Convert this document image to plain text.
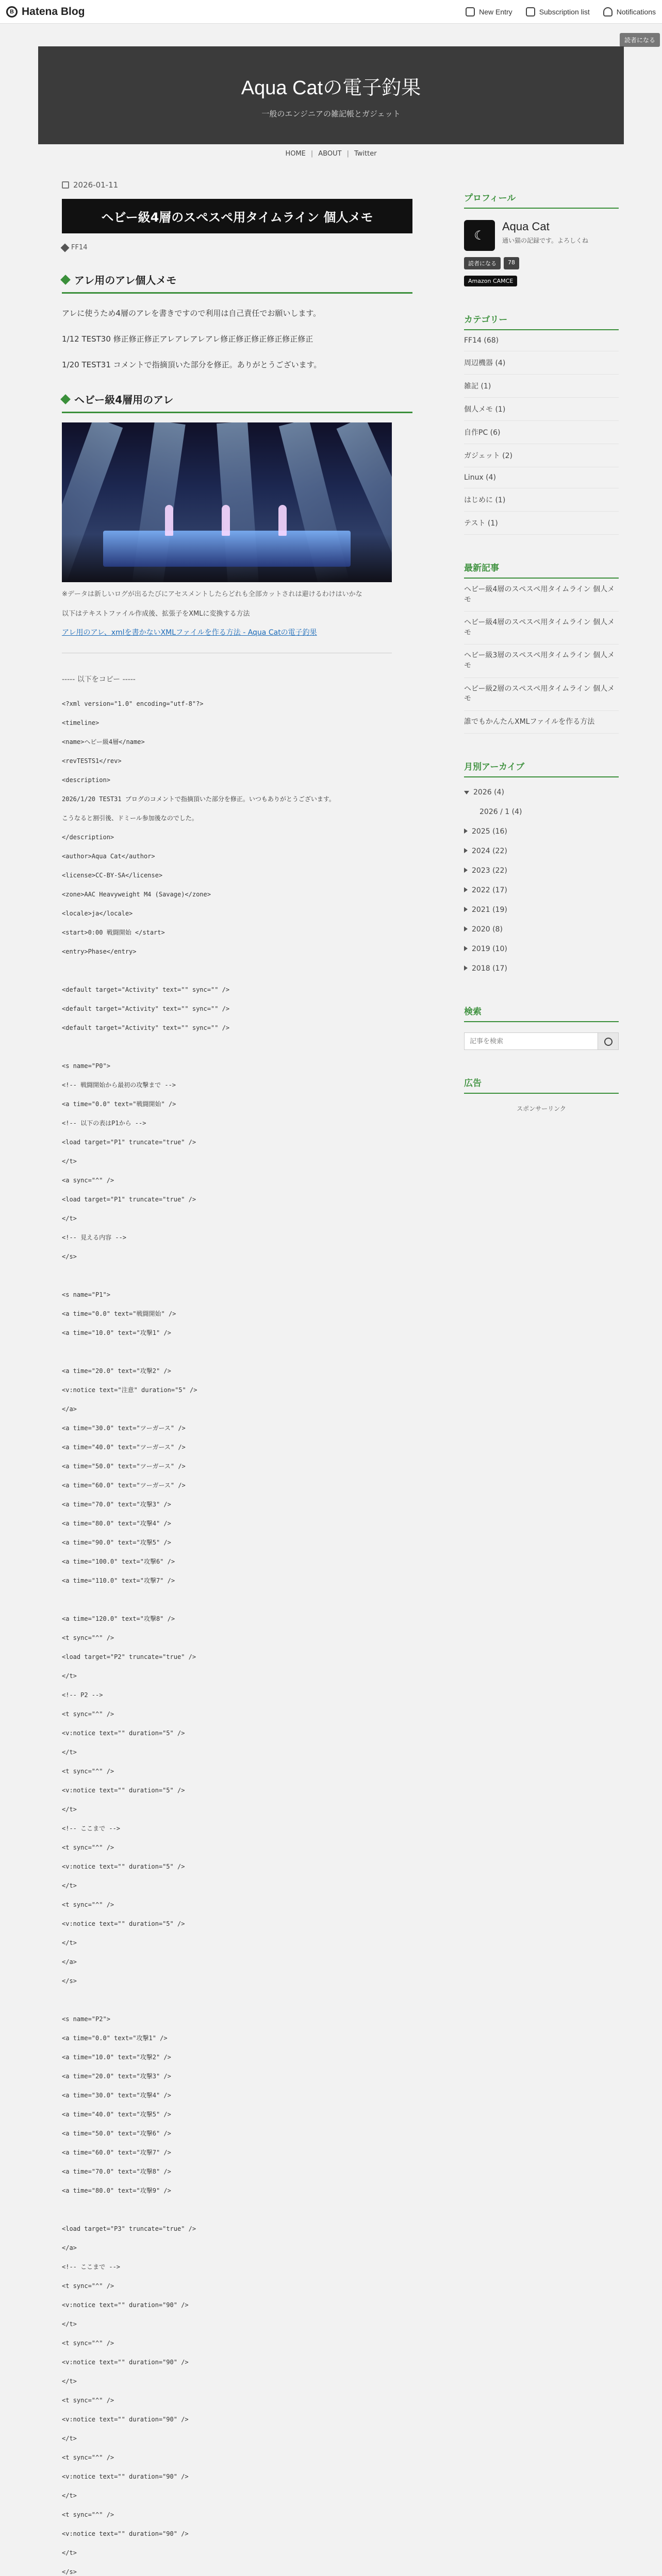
B Hatena Blog	New Entry	Subscription list	Notifications
読者になる
Aqua Catの電子釣果
一般のエンジニアの雑記帳とガジェット
HOME | ABOUT | Twitter
2026-01-11
ヘビー級4層のスペスペ用タイムライン 個人メモ
FF14
アレ用のアレ個人メモ

アレに使うため4層のアレを書きですので利用は自己責任でお願いします。

1/12 TEST30 修正修正修正アレアレアレアレ修正修正修正修正修正修正

1/20 TEST31 コメントで指摘頂いた部分を修正。ありがとうございます。

ヘビー級4層用のアレ

※データは新しいログが出るたびにアセスメントしたらどれも全部カットされは避けるわけはいかな

以下はテキストファイル作成後、拡張子をXMLに変換する方法

アレ用のアレ、xmlを書かないXMLファイルを作る方法 - Aqua Catの電子釣果

----- 以下をコピー -----

<?xml version="1.0" encoding="utf-8"?>
<timeline>
<name>ヘビー級4層</name>
<revTESTS1</rev>
<description>
2026/1/20 TEST31 ブログのコメントで指摘頂いた部分を修正。いつもありがとうございます。
こうなると割引後、ドミール参加後なのでした。
</description>
<author>Aqua Cat</author>
<license>CC-BY-SA</license>
<zone>AAC Heavyweight M4 (Savage)</zone>
<locale>ja</locale>
<start>0:00 戦闘開始 </start>
<entry>Phase</entry>
<default target="Activity" text="" sync="" />
<default target="Activity" text="" sync="" />
<default target="Activity" text="" sync="" />
<s name="P0">
<!-- 戦闘開始から最初の攻撃まで -->
<a time="0.0" text="戦闘開始" />
<!-- 以下の表はP1から -->
<load target="P1" truncate="true" />
</t>
<a sync="^" />
<load target="P1" truncate="true" />
</t>
<!-- 見える内容 -->
</s>
<s name="P1">
<a time="0.0" text="戦闘開始" />
<a time="10.0" text="攻撃1" />
<a time="20.0" text="攻撃2" />
<v:notice text="注意" duration="5" />
</a>
<a time="30.0" text="ツーガース" />
<a time="40.0" text="ツーガース" />
<a time="50.0" text="ツーガース" />
<a time="60.0" text="ツーガース" />
<a time="70.0" text="攻撃3" />
<a time="80.0" text="攻撃4" />
<a time="90.0" text="攻撃5" />
<a time="100.0" text="攻撃6" />
<a time="110.0" text="攻撃7" />
<a time="120.0" text="攻撃8" />
<t sync="^" />
<load target="P2" truncate="true" />
</t>
<!-- P2 -->
<t sync="^" />
<v:notice text="" duration="5" />
</t>
<t sync="^" />
<v:notice text="" duration="5" />
</t>
<!-- ここまで -->
<t sync="^" />
<v:notice text="" duration="5" />
</t>
<t sync="^" />
<v:notice text="" duration="5" />
</t>
</a>
</s>
<s name="P2">
<a time="0.0" text="攻撃1" />
<a time="10.0" text="攻撃2" />
<a time="20.0" text="攻撃3" />
<a time="30.0" text="攻撃4" />
<a time="40.0" text="攻撃5" />
<a time="50.0" text="攻撃6" />
<a time="60.0" text="攻撃7" />
<a time="70.0" text="攻撃8" />
<a time="80.0" text="攻撃9" />
<load target="P3" truncate="true" />
</a>
<!-- ここまで -->
<t sync="^" />
<v:notice text="" duration="90" />
</t>
<t sync="^" />
<v:notice text="" duration="90" />
</t>
<t sync="^" />
<v:notice text="" duration="90" />
</t>
<t sync="^" />
<v:notice text="" duration="90" />
</t>
<t sync="^" />
<v:notice text="" duration="90" />
</t>
</s>
プロフィール
☾
Aqua Cat
通い猫の記録です。よろしくね
読者になる	78
Amazon CAMCE
カテゴリー
FF14 (68)
周辺機器 (4)
雑記 (1)
個人メモ (1)
自作PC (6)
ガジェット (2)
Linux (4)
はじめに (1)
テスト (1)
最新記事
ヘビー級4層のスペスペ用タイムライン 個人メモ
ヘビー級4層のスペスペ用タイムライン 個人メモ
ヘビー級3層のスペスペ用タイムライン 個人メモ
ヘビー級2層のスペスペ用タイムライン 個人メモ
誰でもかんたんXMLファイルを作る方法
月別アーカイブ
2026 (4)
2026 / 1 (4)
2025 (16)
2024 (22)
2023 (22)
2022 (17)
2021 (19)
2020 (8)
2019 (10)
2018 (17)
検索
記事を検索
広告
スポンサーリンク
